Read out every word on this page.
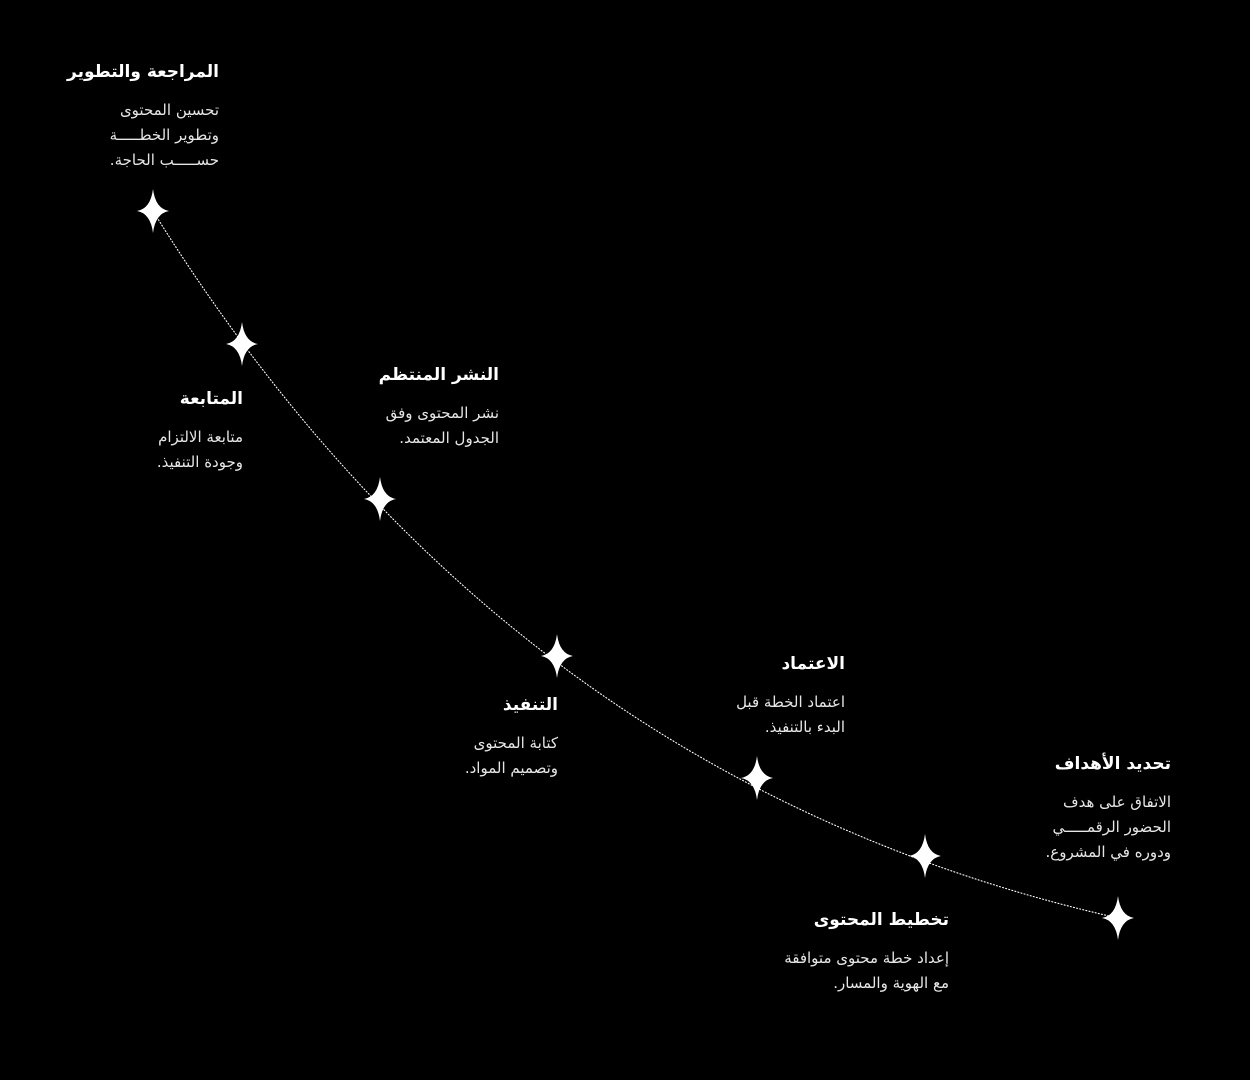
تحديد الأهداف
الاتفاق على هدف
الحضور الرقمـــــي
ودوره في المشروع.
تخطيط المحتوى
إعداد خطة محتوى متوافقة
مع الهوية والمسار.
الاعتماد
اعتماد الخطة قبل
البدء بالتنفيذ.
التنفيذ
كتابة المحتوى
وتصميم المواد.
النشر المنتظم
نشر المحتوى وفق
الجدول المعتمد.
المتابعة
متابعة الالتزام
وجودة التنفيذ.
المراجعة والتطوير
تحسين المحتوى
وتطوير الخطـــــة
حســـــب الحاجة.
